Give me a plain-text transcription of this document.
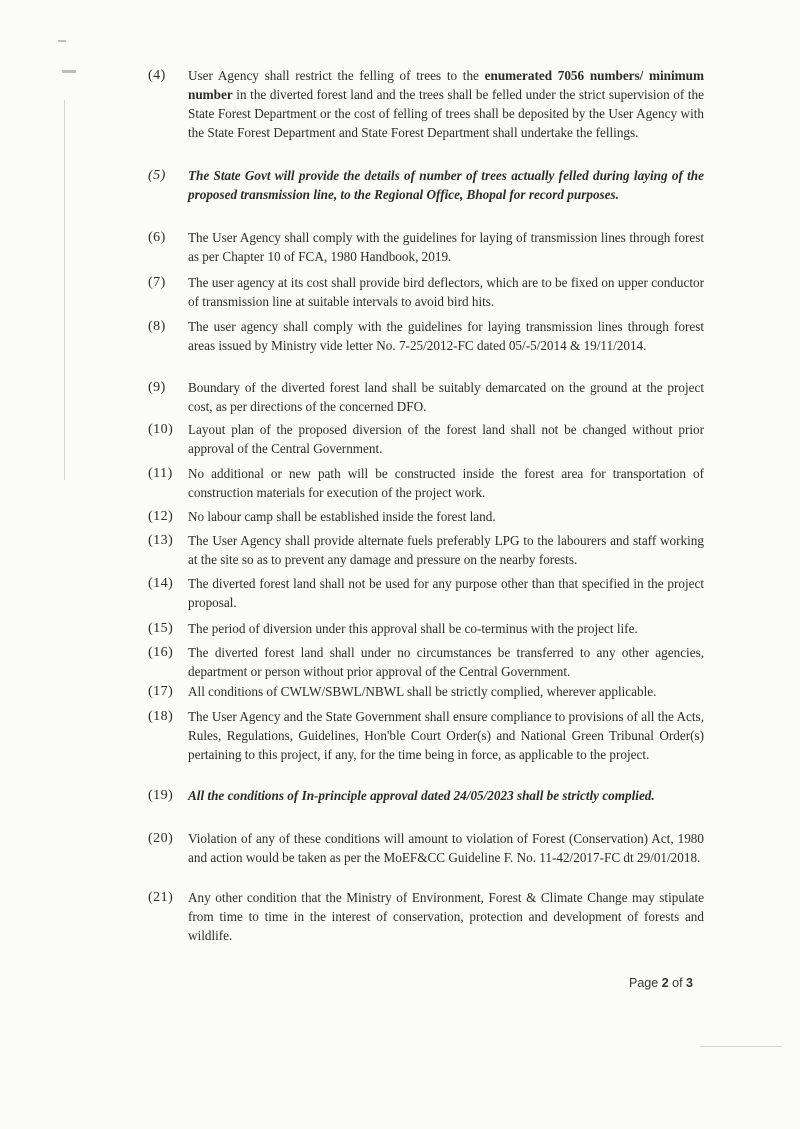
(4)	User Agency shall restrict the felling of trees to the enumerated 7056 numbers/ minimum number in the diverted forest land and the trees shall be felled under the strict supervision of the State Forest Department or the cost of felling of trees shall be deposited by the User Agency with the State Forest Department and State Forest Department shall undertake the fellings.
(5)	The State Govt will provide the details of number of trees actually felled during laying of the proposed transmission line, to the Regional Office, Bhopal for record purposes.
(6)	The User Agency shall comply with the guidelines for laying of transmission lines through forest as per Chapter 10 of FCA, 1980 Handbook, 2019.
(7)	The user agency at its cost shall provide bird deflectors, which are to be fixed on upper conductor of transmission line at suitable intervals to avoid bird hits.
(8)	The user agency shall comply with the guidelines for laying transmission lines through forest areas issued by Ministry vide letter No. 7-25/2012-FC dated 05/-5/2014 & 19/11/2014.
(9)	Boundary of the diverted forest land shall be suitably demarcated on the ground at the project cost, as per directions of the concerned DFO.
(10)	Layout plan of the proposed diversion of the forest land shall not be changed without prior approval of the Central Government.
(11)	No additional or new path will be constructed inside the forest area for transportation of construction materials for execution of the project work.
(12)	No labour camp shall be established inside the forest land.
(13)	The User Agency shall provide alternate fuels preferably LPG to the labourers and staff working at the site so as to prevent any damage and pressure on the nearby forests.
(14)	The diverted forest land shall not be used for any purpose other than that specified in the project proposal.
(15)	The period of diversion under this approval shall be co-terminus with the project life.
(16)	The diverted forest land shall under no circumstances be transferred to any other agencies, department or person without prior approval of the Central Government.
(17)	All conditions of CWLW/SBWL/NBWL shall be strictly complied, wherever applicable.
(18)	The User Agency and the State Government shall ensure compliance to provisions of all the Acts, Rules, Regulations, Guidelines, Hon'ble Court Order(s) and National Green Tribunal Order(s) pertaining to this project, if any, for the time being in force, as applicable to the project.
(19)	All the conditions of In-principle approval dated 24/05/2023 shall be strictly complied.
(20)	Violation of any of these conditions will amount to violation of Forest (Conservation) Act, 1980 and action would be taken as per the MoEF&CC Guideline F. No. 11-42/2017-FC dt 29/01/2018.
(21)	Any other condition that the Ministry of Environment, Forest & Climate Change may stipulate from time to time in the interest of conservation, protection and development of forests and wildlife.
Page 2 of 3
